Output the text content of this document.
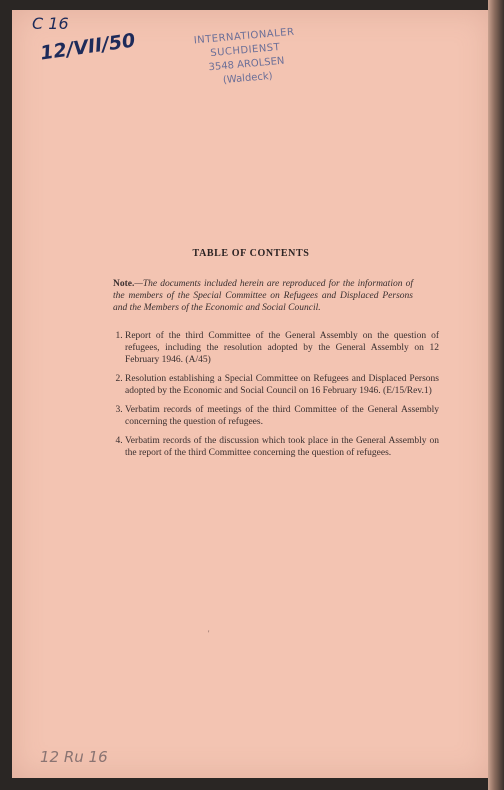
C 16
12/VII/50	INTERNATIONALER
SUCHDIENST
3548 AROLSEN (Waldeck)
TABLE OF CONTENTS
Note.—The documents included herein are reproduced for the information of the members of the Special Committee on Refugees and Displaced Persons and the Members of the Economic and Social Council.
1. Report of the third Committee of the General Assembly on the question of refugees, including the resolution adopted by the General Assembly on 12 February 1946. (A/45)
2. Resolution establishing a Special Committee on Refugees and Displaced Persons adopted by the Economic and Social Council on 16 February 1946. (E/15/Rev.1)
3. Verbatim records of meetings of the third Committee of the General Assembly concerning the question of refugees.
4. Verbatim records of the discussion which took place in the General Assembly on the report of the third Committee concerning the question of refugees.
'
12 Ru 16
